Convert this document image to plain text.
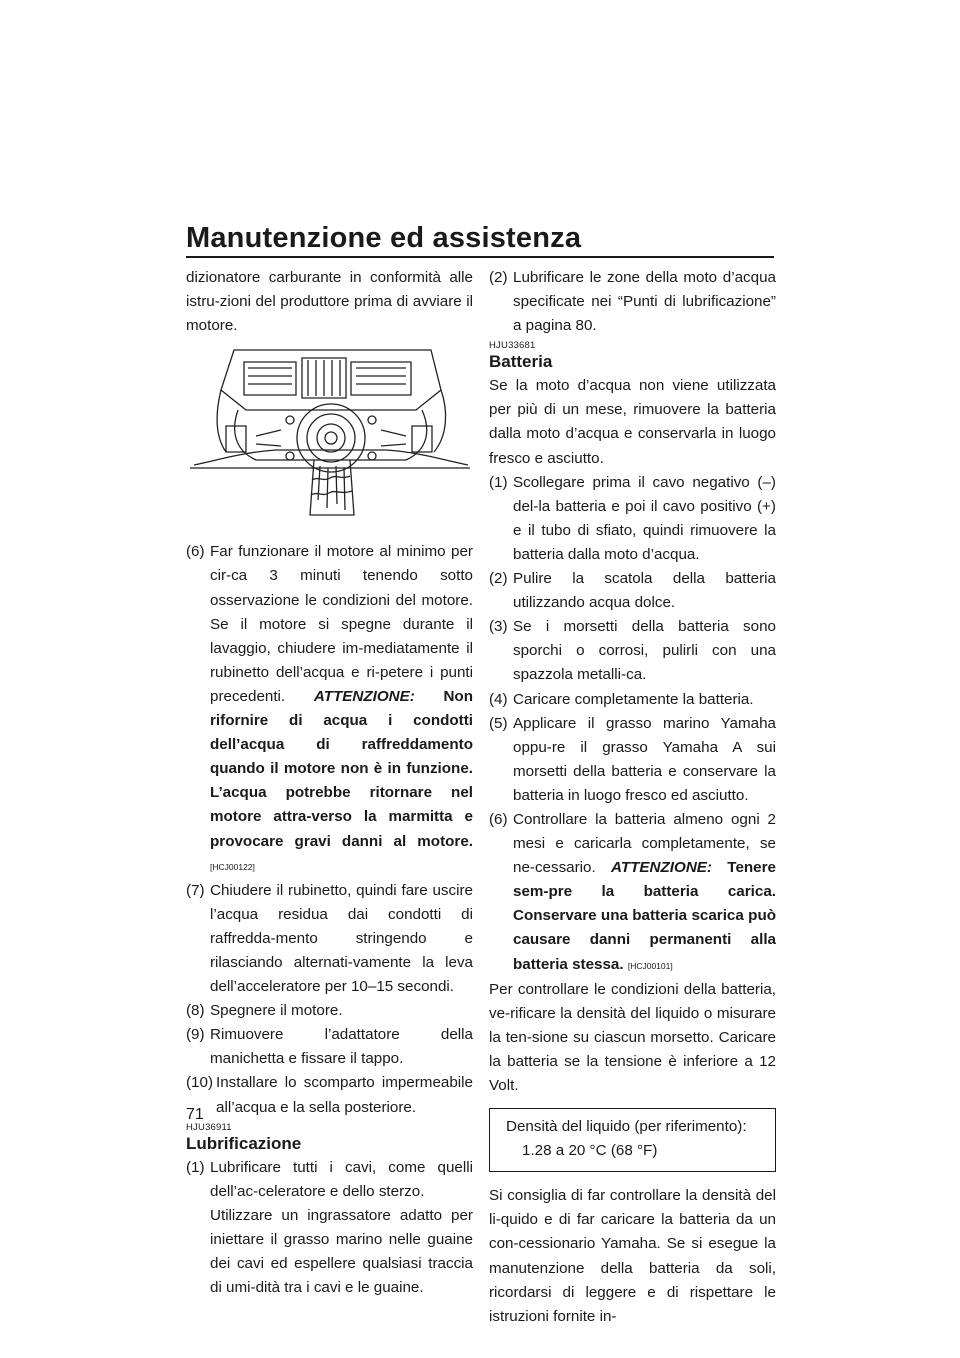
Manutenzione ed assistenza
71

dizionatore carburante in conformità alle istru-zioni del produttore prima di avviare il motore.

(6) Far funzionare il motore al minimo per cir-ca 3 minuti tenendo sotto osservazione le condizioni del motore. Se il motore si spegne durante il lavaggio, chiudere im-mediatamente il rubinetto dell’acqua e ri-petere i punti precedenti. ATTENZIONE: Non rifornire di acqua i condotti dell’acqua di raffreddamento quando il motore non è in funzione. L’acqua potrebbe ritornare nel motore attra-verso la marmitta e provocare gravi danni al motore. [HCJ00122]
(7) Chiudere il rubinetto, quindi fare uscire l’acqua residua dai condotti di raffredda-mento stringendo e rilasciando alternati-vamente la leva dell’acceleratore per 10–15 secondi.
(8) Spegnere il motore.
(9) Rimuovere l’adattatore della manichetta e fissare il tappo.
(10) Installare lo scomparto impermeabile all’acqua e la sella posteriore.
HJU36911
Lubrificazione
(1) Lubrificare tutti i cavi, come quelli dell’ac-celeratore e dello sterzo.

Utilizzare un ingrassatore adatto per iniettare il grasso marino nelle guaine dei cavi ed espellere qualsiasi traccia di umi-dità tra i cavi e le guaine.

(2) Lubrificare le zone della moto d’acqua specificate nei “Punti di lubrificazione” a pagina 80.
HJU33681
Batteria

Se la moto d’acqua non viene utilizzata per più di un mese, rimuovere la batteria dalla moto d’acqua e conservarla in luogo fresco e asciutto.

(1) Scollegare prima il cavo negativo (–) del-la batteria e poi il cavo positivo (+) e il tubo di sfiato, quindi rimuovere la batteria dalla moto d’acqua.
(2) Pulire la scatola della batteria utilizzando acqua dolce.
(3) Se i morsetti della batteria sono sporchi o corrosi, pulirli con una spazzola metalli-ca.
(4) Caricare completamente la batteria.
(5) Applicare il grasso marino Yamaha oppu-re il grasso Yamaha A sui morsetti della batteria e conservare la batteria in luogo fresco ed asciutto.
(6) Controllare la batteria almeno ogni 2 mesi e caricarla completamente, se ne-cessario. ATTENZIONE: Tenere sem-pre la batteria carica. Conservare una batteria scarica può causare danni permanenti alla batteria stessa. [HCJ00101]

Per controllare le condizioni della batteria, ve-rificare la densità del liquido o misurare la ten-sione su ciascun morsetto. Caricare la batteria se la tensione è inferiore a 12 Volt.

Densità del liquido (per riferimento):
1.28 a 20 °C (68 °F)

Si consiglia di far controllare la densità del li-quido e di far caricare la batteria da un con-cessionario Yamaha. Se si esegue la manutenzione della batteria da soli, ricordarsi di leggere e di rispettare le istruzioni fornite in-
